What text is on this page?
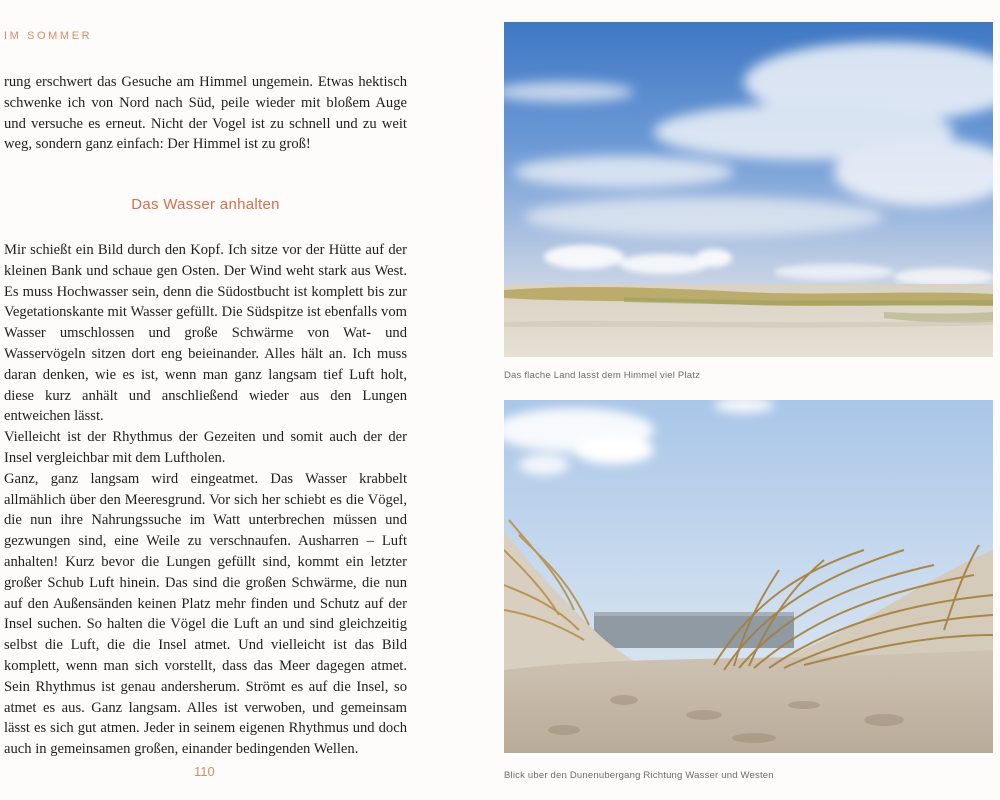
IM SOMMER

rung erschwert das Gesuche am Himmel ungemein. Etwas hektisch schwenke ich von Nord nach Süd, peile wieder mit bloßem Auge und versuche es erneut. Nicht der Vogel ist zu schnell und zu weit weg, sondern ganz einfach: Der Himmel ist zu groß!

Das Wasser anhalten

Mir schießt ein Bild durch den Kopf. Ich sitze vor der Hütte auf der kleinen Bank und schaue gen Osten. Der Wind weht stark aus West. Es muss Hochwasser sein, denn die Südostbucht ist komplett bis zur Vegetationskante mit Wasser gefüllt. Die Südspitze ist ebenfalls vom Wasser umschlossen und große Schwärme von Wat- und Wasservögeln sitzen dort eng beieinander. Alles hält an. Ich muss daran denken, wie es ist, wenn man ganz langsam tief Luft holt, diese kurz anhält und anschließend wieder aus den Lungen entweichen lässt.

Vielleicht ist der Rhythmus der Gezeiten und somit auch der der Insel vergleichbar mit dem Luftholen.

Ganz, ganz langsam wird eingeatmet. Das Wasser krabbelt allmählich über den Meeresgrund. Vor sich her schiebt es die Vögel, die nun ihre Nahrungssuche im Watt unterbrechen müssen und gezwungen sind, eine Weile zu verschnaufen. Ausharren – Luft anhalten! Kurz bevor die Lungen gefüllt sind, kommt ein letzter großer Schub Luft hinein. Das sind die großen Schwärme, die nun auf den Außensänden keinen Platz mehr finden und Schutz auf der Insel suchen. So halten die Vögel die Luft an und sind gleichzeitig selbst die Luft, die die Insel atmet. Und vielleicht ist das Bild komplett, wenn man sich vorstellt, dass das Meer dagegen atmet. Sein Rhythmus ist genau andersherum. Strömt es auf die Insel, so atmet es aus. Ganz langsam. Alles ist verwoben, und gemeinsam lässt es sich gut atmen. Jeder in seinem eigenen Rhythmus und doch auch in gemeinsamen großen, einander bedingenden Wellen.

110
Das flache Land lasst dem Himmel viel Platz
Blick uber den Dunenubergang Richtung Wasser und Westen
